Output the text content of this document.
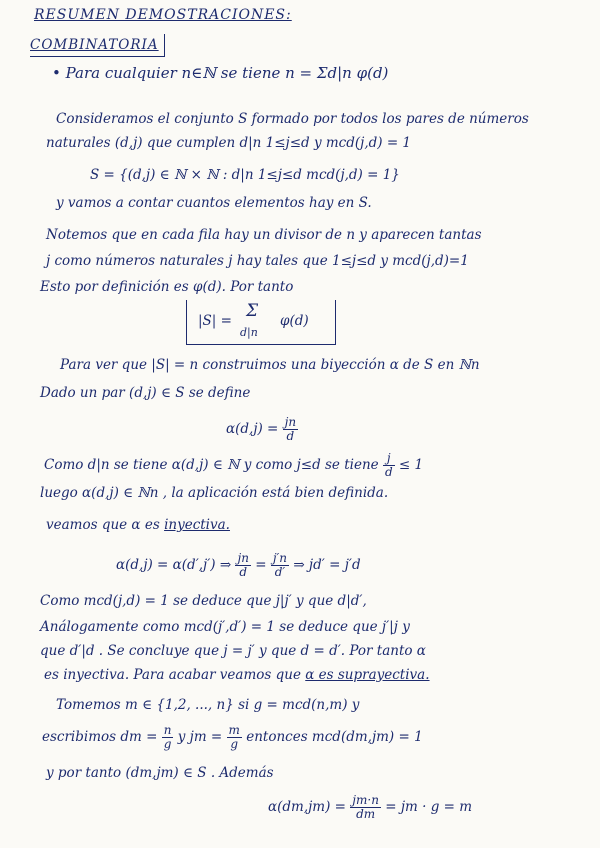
RESUMEN DEMOSTRACIONES:
COMBINATORIA
• Para cualquier n∈ℕ se tiene n = Σd|n φ(d)
Consideramos el conjunto S formado por todos los pares de números
naturales (d,j) que cumplen d|n 1≤j≤d y mcd(j,d) = 1
S = {(d,j) ∈ ℕ × ℕ : d|n 1≤j≤d mcd(j,d) = 1}
y vamos a contar cuantos elementos hay en S.
Notemos que en cada fila hay un divisor de n y aparecen tantas
j como números naturales j hay tales que 1≤j≤d y mcd(j,d)=1
Esto por definición es φ(d). Por tanto
|S| = Σ
d|n
φ(d)
Para ver que |S| = n construimos una biyección α de S en ℕn
Dado un par (d,j) ∈ S se define
$\alpha(d,j) = \frac{jn}{d}$
Como d|n se tiene α(d,j) ∈ ℕ y como j≤d se tiene $\frac{j}{d} \le 1$
luego α(d,j) ∈ ℕn , la aplicación está bien definida.
veamos que α es inyectiva.
α(d,j) = α(d′,j′) ⇒ $\frac{jn}{d} = \frac{j'n}{d'}$ ⇒ jd′ = j′d
Como mcd(j,d) = 1 se deduce que j|j′ y que d|d′,
Análogamente como mcd(j′,d′) = 1 se deduce que j′|j y
que d′|d . Se concluye que j = j′ y que d = d′. Por tanto α
es inyectiva. Para acabar veamos que α es suprayectiva.
Tomemos m ∈ {1,2, ..., n} si g = mcd(n,m) y
escribimos dm = $\frac{n}{g}$ y jm = $\frac{m}{g}$ entonces mcd(dm,jm) = 1
y por tanto (dm,jm) ∈ S . Además
$\alpha(dm,jm) = \frac{jm\cdot n}{dm}$ = jm · g = m
